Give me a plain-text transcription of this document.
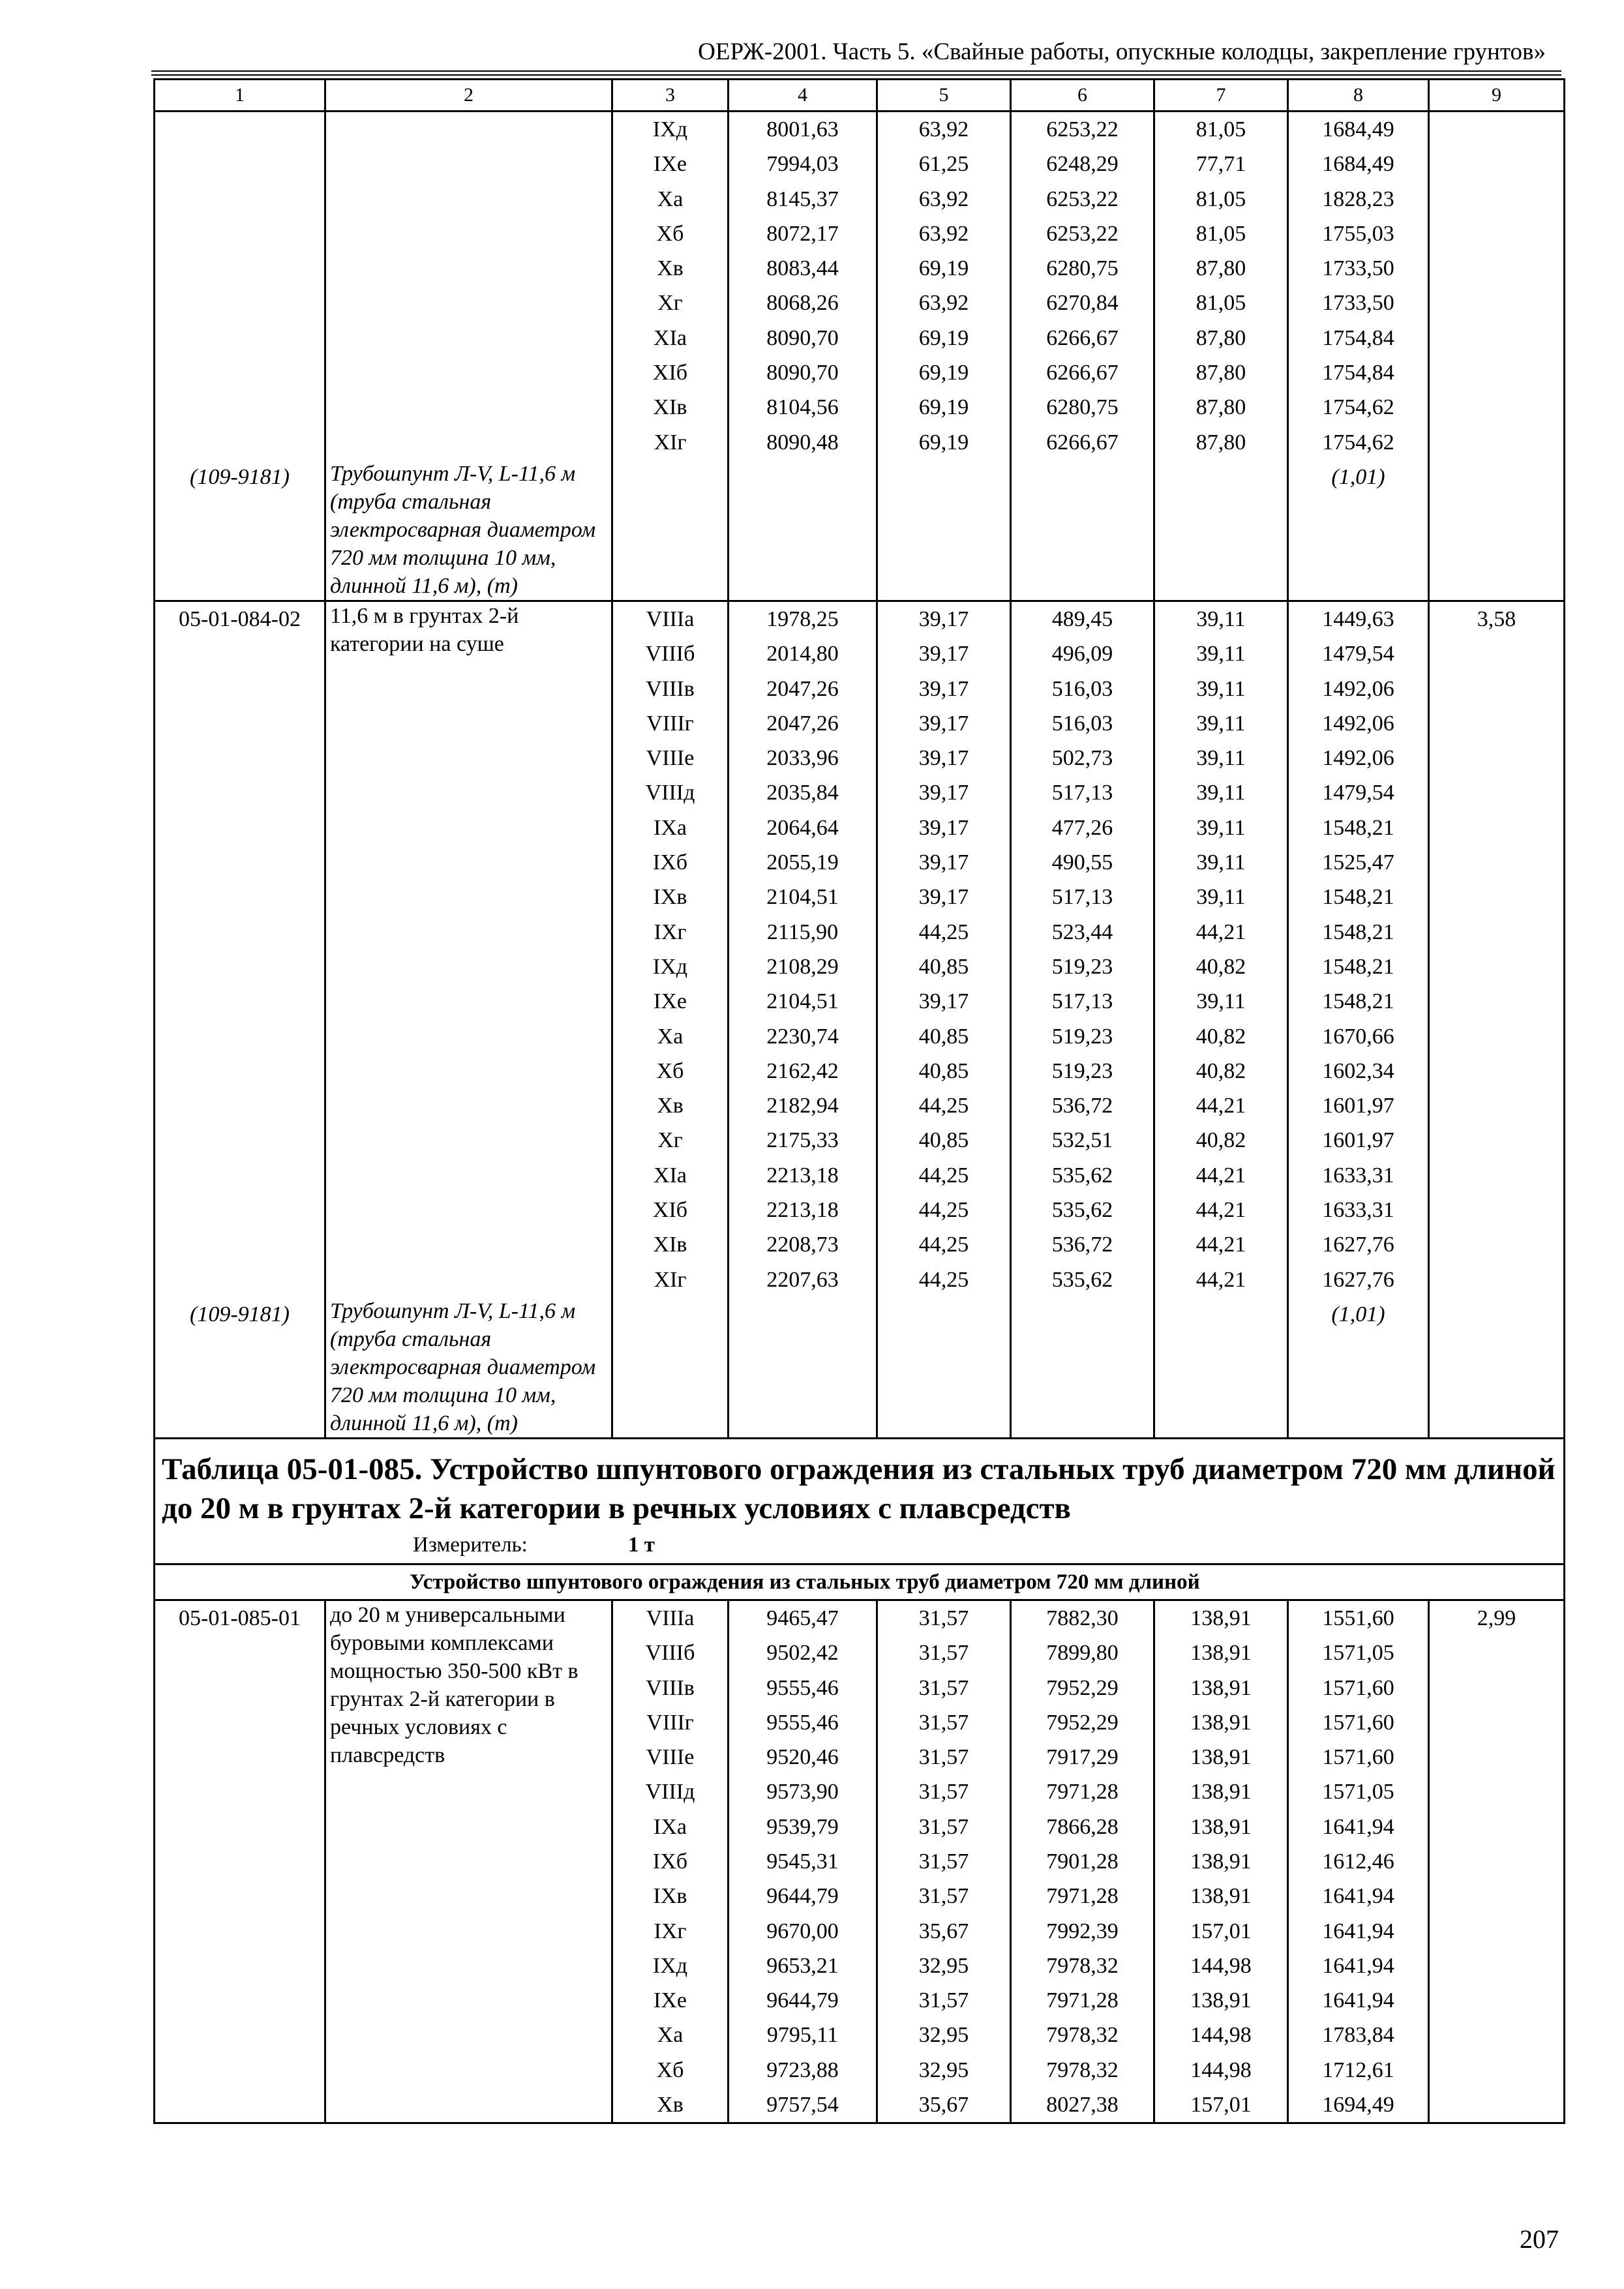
ОЕРЖ-2001. Часть 5. «Свайные работы, опускные колодцы, закрепление грунтов»
1	2	3	4	5	6	7	8	9
		IXд	8001,63	63,92	6253,22	81,05	1684,49	
		IXе	7994,03	61,25	6248,29	77,71	1684,49	
		Xа	8145,37	63,92	6253,22	81,05	1828,23	
		Xб	8072,17	63,92	6253,22	81,05	1755,03	
		Xв	8083,44	69,19	6280,75	87,80	1733,50	
		Xг	8068,26	63,92	6270,84	81,05	1733,50	
		XIа	8090,70	69,19	6266,67	87,80	1754,84	
		XIб	8090,70	69,19	6266,67	87,80	1754,84	
		XIв	8104,56	69,19	6280,75	87,80	1754,62	
		XIг	8090,48	69,19	6266,67	87,80	1754,62	
(109-9181)	Трубошпунт Л-V, L-11,6 м (труба стальная электросварная диаметром 720 мм толщина 10 мм, длинной 11,6 м), (т)						(1,01)	
05-01-084-02	11,6 м в грунтах 2-й категории на суше	VIIIа	1978,25	39,17	489,45	39,11	1449,63	3,58
		VIIIб	2014,80	39,17	496,09	39,11	1479,54	
		VIIIв	2047,26	39,17	516,03	39,11	1492,06	
		VIIIг	2047,26	39,17	516,03	39,11	1492,06	
		VIIIе	2033,96	39,17	502,73	39,11	1492,06	
		VIIIд	2035,84	39,17	517,13	39,11	1479,54	
		IXа	2064,64	39,17	477,26	39,11	1548,21	
		IXб	2055,19	39,17	490,55	39,11	1525,47	
		IXв	2104,51	39,17	517,13	39,11	1548,21	
		IXг	2115,90	44,25	523,44	44,21	1548,21	
		IXд	2108,29	40,85	519,23	40,82	1548,21	
		IXе	2104,51	39,17	517,13	39,11	1548,21	
		Xа	2230,74	40,85	519,23	40,82	1670,66	
		Xб	2162,42	40,85	519,23	40,82	1602,34	
		Xв	2182,94	44,25	536,72	44,21	1601,97	
		Xг	2175,33	40,85	532,51	40,82	1601,97	
		XIа	2213,18	44,25	535,62	44,21	1633,31	
		XIб	2213,18	44,25	535,62	44,21	1633,31	
		XIв	2208,73	44,25	536,72	44,21	1627,76	
		XIг	2207,63	44,25	535,62	44,21	1627,76	
(109-9181)	Трубошпунт Л-V, L-11,6 м (труба стальная электросварная диаметром 720 мм толщина 10 мм, длинной 11,6 м), (т)						(1,01)	

Таблица 05-01-085. Устройство шпунтового ограждения из стальных труб диаметром 720 мм длиной до 20 м в грунтах 2-й категории в речных условиях с плавсредств
Измеритель: 1 т								

Устройство шпунтового ограждения из стальных труб диаметром 720 мм длиной								
05-01-085-01	до 20 м универсальными буровыми комплексами мощностью 350-500 кВт в грунтах 2-й категории в речных условиях с плавсредств	VIIIа	9465,47	31,57	7882,30	138,91	1551,60	2,99
		VIIIб	9502,42	31,57	7899,80	138,91	1571,05	
		VIIIв	9555,46	31,57	7952,29	138,91	1571,60	
		VIIIг	9555,46	31,57	7952,29	138,91	1571,60	
		VIIIе	9520,46	31,57	7917,29	138,91	1571,60	
		VIIIд	9573,90	31,57	7971,28	138,91	1571,05	
		IXа	9539,79	31,57	7866,28	138,91	1641,94	
		IXб	9545,31	31,57	7901,28	138,91	1612,46	
		IXв	9644,79	31,57	7971,28	138,91	1641,94	
		IXг	9670,00	35,67	7992,39	157,01	1641,94	
		IXд	9653,21	32,95	7978,32	144,98	1641,94	
		IXе	9644,79	31,57	7971,28	138,91	1641,94	
		Xа	9795,11	32,95	7978,32	144,98	1783,84	
		Xб	9723,88	32,95	7978,32	144,98	1712,61	
		Xв	9757,54	35,67	8027,38	157,01	1694,49	
207
